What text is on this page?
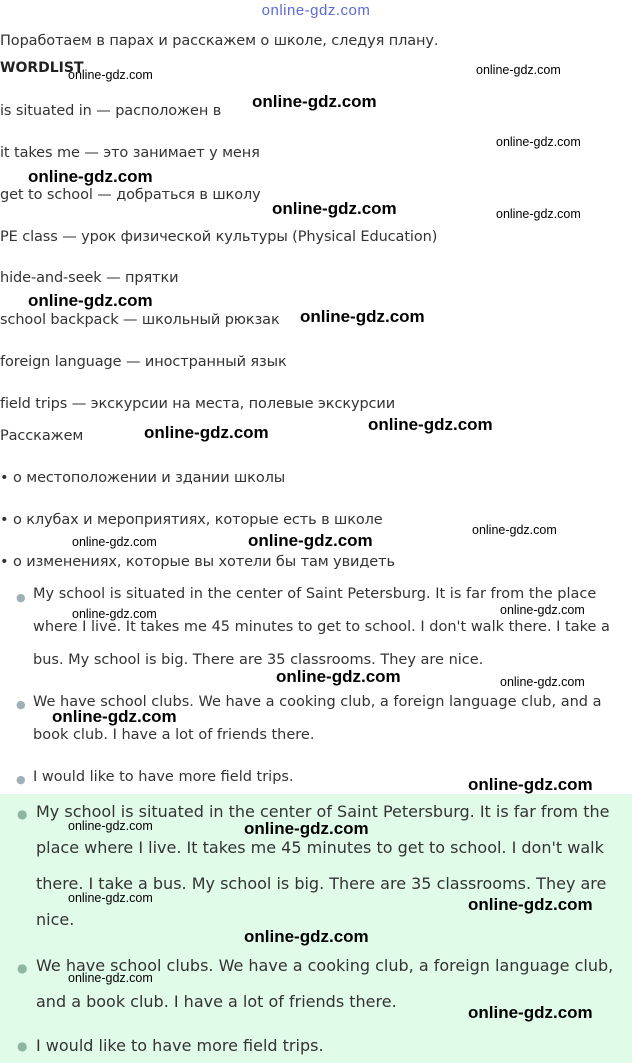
online-gdz.com
Поработаем в парах и расскажем о школе, следуя плану.
WORDLIST
is situated in — расположен в
it takes me — это занимает у меня
get to school — добраться в школу
PE class — урок физической культуры (Physical Education)
hide-and-seek — прятки
school backpack — школьный рюкзак
foreign language — иностранный язык
field trips — экскурсии на места, полевые экскурсии
Расскажем
• о местоположении и здании школы
• о клубах и мероприятиях, которые есть в школе
• о изменениях, которые вы хотели бы там увидеть
● My school is situated in the center of Saint Petersburg. It is far from the place where I live. It takes me 45 minutes to get to school. I don't walk there. I take a bus. My school is big. There are 35 classrooms. They are nice.
● We have school clubs. We have a cooking club, a foreign language club, and a book club. I have a lot of friends there.
● I would like to have more field trips.
● My school is situated in the center of Saint Petersburg. It is far from the place where I live. It takes me 45 minutes to get to school. I don't walk there. I take a bus. My school is big. There are 35 classrooms. They are nice.
● We have school clubs. We have a cooking club, a foreign language club, and a book club. I have a lot of friends there.
● I would like to have more field trips.
online-gdz.com	online-gdz.com
online-gdz.com
online-gdz.com
online-gdz.com
online-gdz.com	online-gdz.com
online-gdz.com
online-gdz.com
online-gdz.com	online-gdz.com
online-gdz.com
online-gdz.com	online-gdz.com
online-gdz.com
online-gdz.com
online-gdz.com	online-gdz.com
online-gdz.com
online-gdz.com
online-gdz.com	online-gdz.com
online-gdz.com	online-gdz.com
online-gdz.com
online-gdz.com
online-gdz.com
